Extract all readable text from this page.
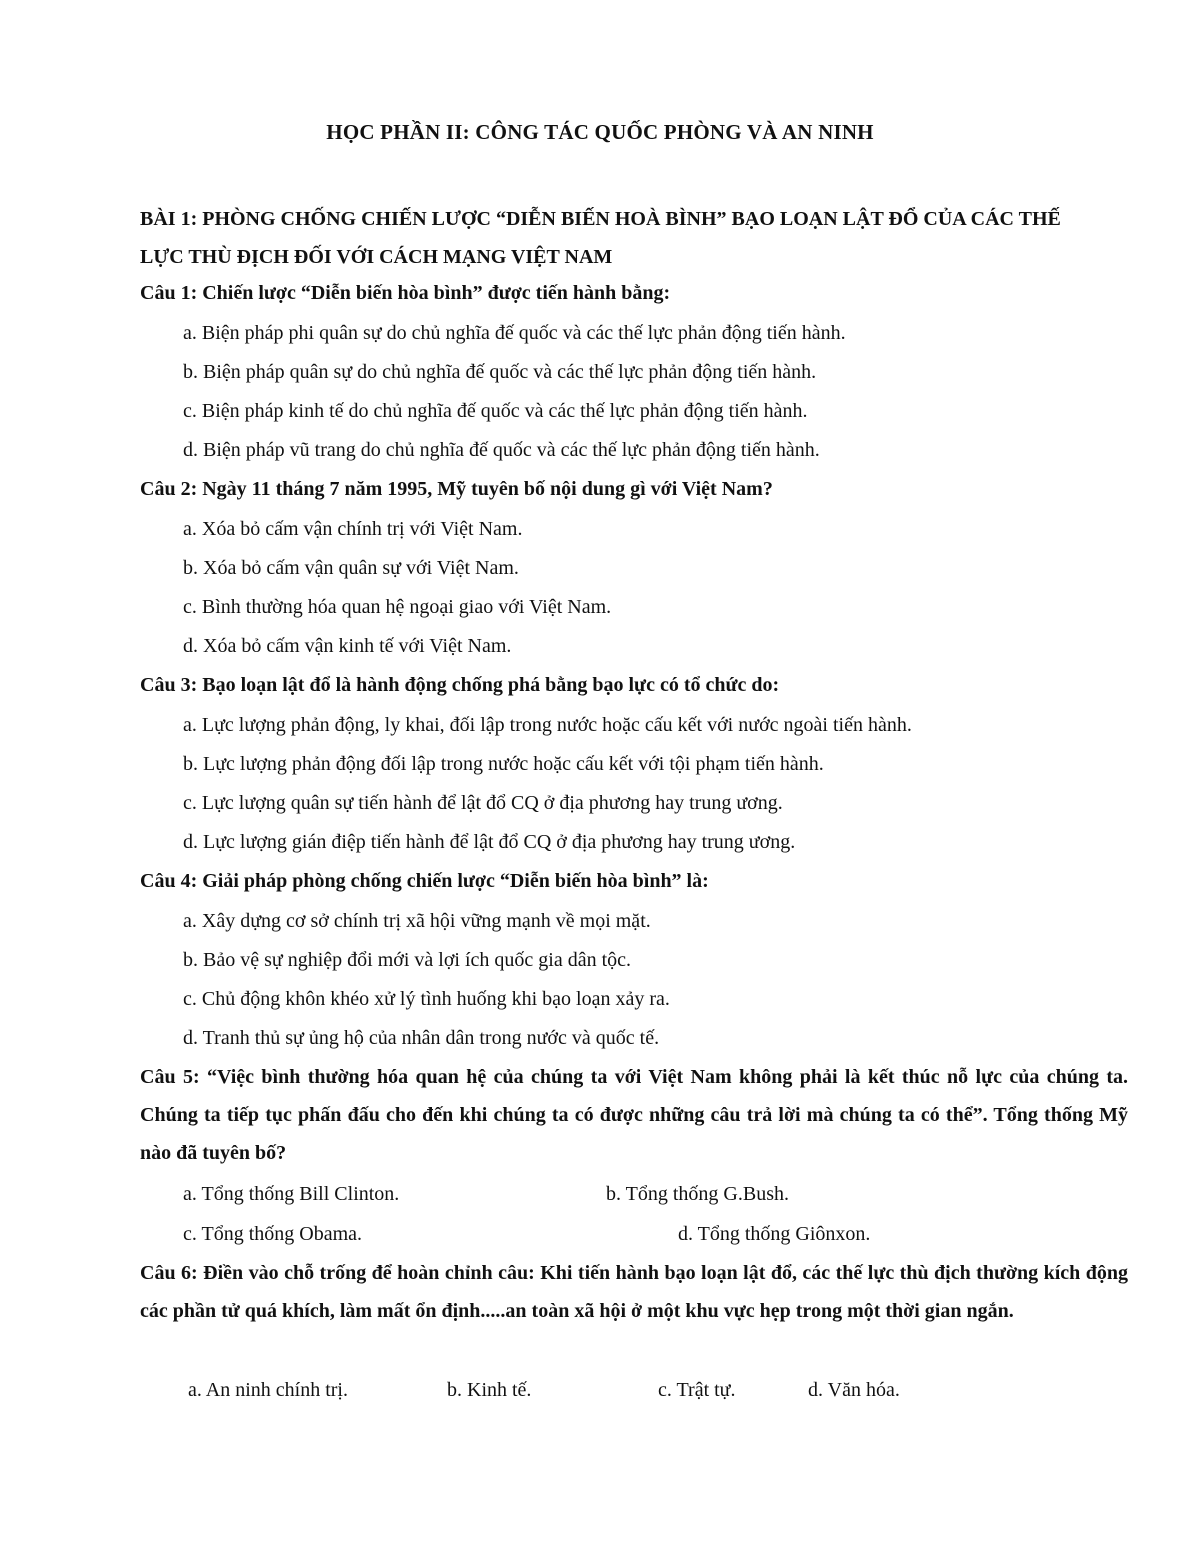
HỌC PHẦN II: CÔNG TÁC QUỐC PHÒNG VÀ AN NINH
BÀI 1: PHÒNG CHỐNG CHIẾN LƯỢC “DIỄN BIẾN HOÀ BÌNH” BẠO LOẠN LẬT ĐỔ CỦA CÁC THẾ LỰC THÙ ĐỊCH ĐỐI VỚI CÁCH MẠNG VIỆT NAM
Câu 1: Chiến lược “Diễn biến hòa bình” được tiến hành bằng:
a. Biện pháp phi quân sự do chủ nghĩa đế quốc và các thế lực phản động tiến hành.
b. Biện pháp quân sự do chủ nghĩa đế quốc và các thế lực phản động tiến hành.
c. Biện pháp kinh tế do chủ nghĩa đế quốc và các thế lực phản động tiến hành.
d. Biện pháp vũ trang do chủ nghĩa đế quốc và các thế lực phản động tiến hành.
Câu 2: Ngày 11 tháng 7 năm 1995, Mỹ tuyên bố nội dung gì với Việt Nam?
a. Xóa bỏ cấm vận chính trị với Việt Nam.
b. Xóa bỏ cấm vận quân sự với Việt Nam.
c. Bình thường hóa quan hệ ngoại giao với Việt Nam.
d. Xóa bỏ cấm vận kinh tế với Việt Nam.
Câu 3: Bạo loạn lật đổ là hành động chống phá bằng bạo lực có tổ chức do:
a. Lực lượng phản động, ly khai, đối lập trong nước hoặc cấu kết với nước ngoài tiến hành.
b. Lực lượng phản động đối lập trong nước hoặc cấu kết với tội phạm tiến hành.
c. Lực lượng quân sự tiến hành để lật đổ CQ ở địa phương hay trung ương.
d. Lực lượng gián điệp tiến hành để lật đổ CQ ở địa phương hay trung ương.
Câu 4: Giải pháp phòng chống chiến lược “Diễn biến hòa bình” là:
a. Xây dựng cơ sở chính trị xã hội vững mạnh về mọi mặt.
b. Bảo vệ sự nghiệp đổi mới và lợi ích quốc gia dân tộc.
c. Chủ động khôn khéo xử lý tình huống khi bạo loạn xảy ra.
d. Tranh thủ sự ủng hộ của nhân dân trong nước và quốc tế.
Câu 5: “Việc bình thường hóa quan hệ của chúng ta với Việt Nam không phải là kết thúc nỗ lực của chúng ta. Chúng ta tiếp tục phấn đấu cho đến khi chúng ta có được những câu trả lời mà chúng ta có thể”. Tổng thống Mỹ nào đã tuyên bố?
a. Tổng thống Bill Clinton.	b. Tổng thống G.Bush.
c. Tổng thống Obama.	d. Tổng thống Giônxon.
Câu 6: Điền vào chỗ trống để hoàn chỉnh câu: Khi tiến hành bạo loạn lật đổ, các thế lực thù địch thường kích động các phần tử quá khích, làm mất ổn định.....an toàn xã hội ở một khu vực hẹp trong một thời gian ngắn.
a. An ninh chính trị.	b. Kinh tế.	c. Trật tự.	d. Văn hóa.
